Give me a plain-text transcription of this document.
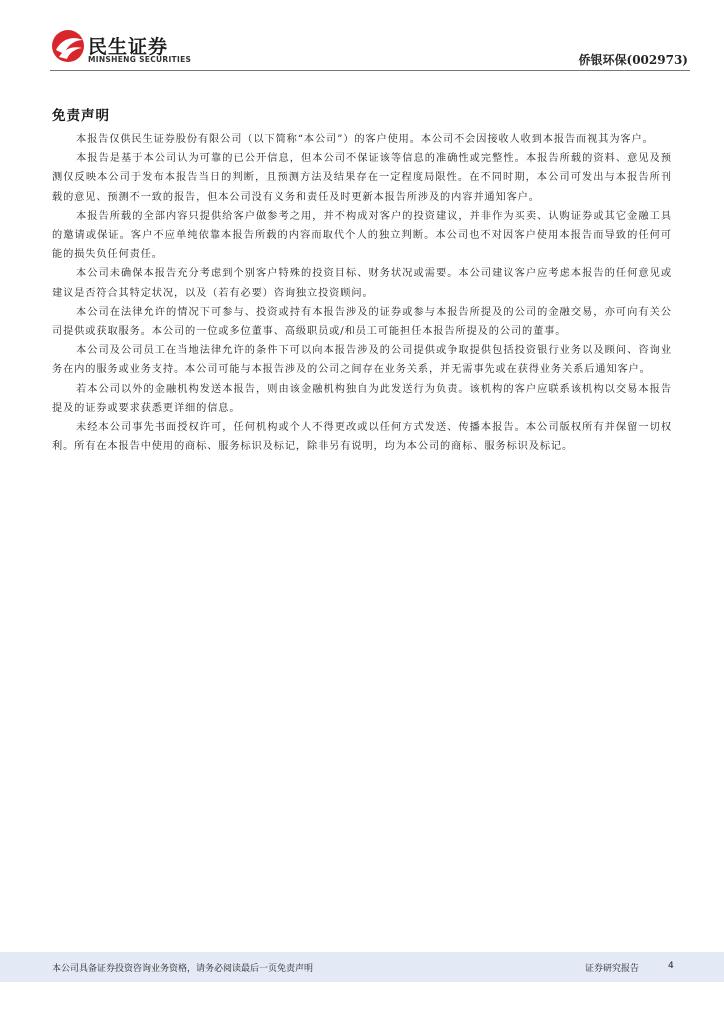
民生证券
MINSHENG SECURITIES	侨银环保(002973)
免责声明

本报告仅供民生证券股份有限公司（以下简称“本公司”）的客户使用。本公司不会因接收人收到本报告而视其为客户。

本报告是基于本公司认为可靠的已公开信息，但本公司不保证该等信息的准确性或完整性。本报告所载的资料、意见及预测仅反映本公司于发布本报告当日的判断，且预测方法及结果存在一定程度局限性。在不同时期，本公司可发出与本报告所刊载的意见、预测不一致的报告，但本公司没有义务和责任及时更新本报告所涉及的内容并通知客户。

本报告所载的全部内容只提供给客户做参考之用，并不构成对客户的投资建议，并非作为买卖、认购证券或其它金融工具的邀请或保证。客户不应单纯依靠本报告所载的内容而取代个人的独立判断。本公司也不对因客户使用本报告而导致的任何可能的损失负任何责任。

本公司未确保本报告充分考虑到个别客户特殊的投资目标、财务状况或需要。本公司建议客户应考虑本报告的任何意见或建议是否符合其特定状况，以及（若有必要）咨询独立投资顾问。

本公司在法律允许的情况下可参与、投资或持有本报告涉及的证券或参与本报告所提及的公司的金融交易，亦可向有关公司提供或获取服务。本公司的一位或多位董事、高级职员或/和员工可能担任本报告所提及的公司的董事。

本公司及公司员工在当地法律允许的条件下可以向本报告涉及的公司提供或争取提供包括投资银行业务以及顾问、咨询业务在内的服务或业务支持。本公司可能与本报告涉及的公司之间存在业务关系，并无需事先或在获得业务关系后通知客户。

若本公司以外的金融机构发送本报告，则由该金融机构独自为此发送行为负责。该机构的客户应联系该机构以交易本报告提及的证券或要求获悉更详细的信息。

未经本公司事先书面授权许可，任何机构或个人不得更改或以任何方式发送、传播本报告。本公司版权所有并保留一切权利。所有在本报告中使用的商标、服务标识及标记，除非另有说明，均为本公司的商标、服务标识及标记。

本公司具备证券投资咨询业务资格，请务必阅读最后一页免责声明	证券研究报告	4
